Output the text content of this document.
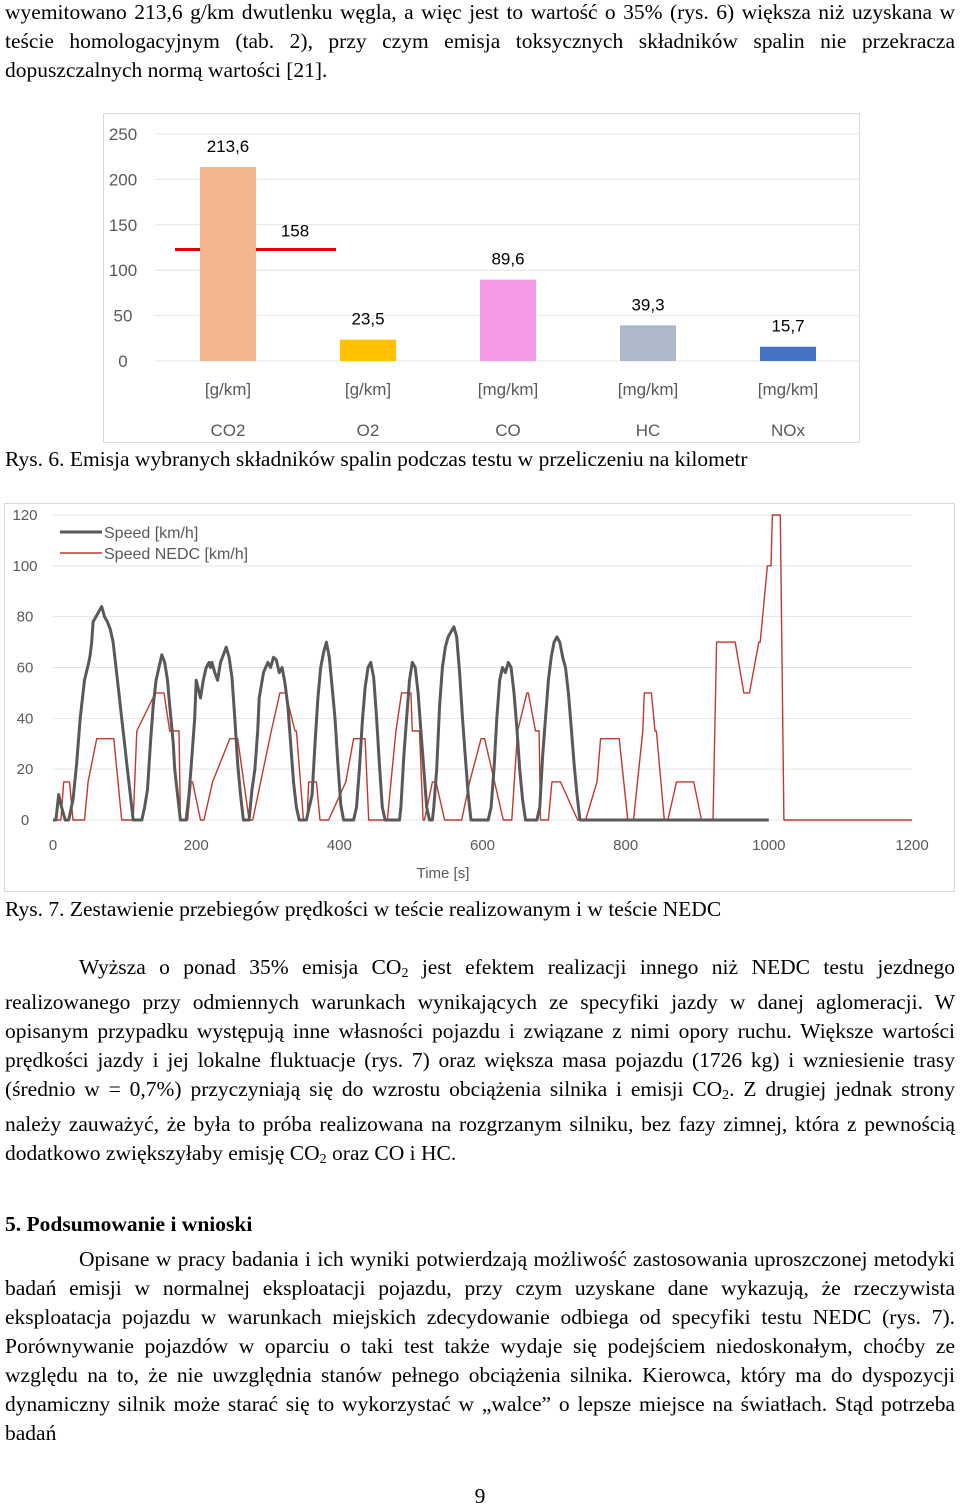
wyemitowano 213,6 g/km dwutlenku węgla, a więc jest to wartość o 35% (rys. 6) większa niż uzyskana w teście homologacyjnym (tab. 2), przy czym emisja toksycznych składników spalin nie przekracza dopuszczalnych normą wartości [21].

0
50
100
150
200
250
158
213,6
23,5
89,6
39,3
15,7
[g/km]
CO2
[g/km]
O2
[mg/km]
CO
[mg/km]
HC
[mg/km]
NOx

Rys. 6. Emisja wybranych składników spalin podczas testu w przeliczeniu na kilometr

0
20
40
60
80
100
120
0	200	400	600	800	1000	1200
Speed [km/h]
Speed NEDC [km/h]
Time [s]

Rys. 7. Zestawienie przebiegów prędkości w teście realizowanym i w teście NEDC

Wyższa o ponad 35% emisja $CO_2$ jest efektem realizacji innego niż NEDC testu jezdnego realizowanego przy odmiennych warunkach wynikających ze specyfiki jazdy w danej aglomeracji. W opisanym przypadku występują inne własności pojazdu i związane z nimi opory ruchu. Większe wartości prędkości jazdy i jej lokalne fluktuacje (rys. 7) oraz większa masa pojazdu (1726 kg) i wzniesienie trasy (średnio w = 0,7%) przyczyniają się do wzrostu obciążenia silnika i emisji $CO_2$. Z drugiej jednak strony należy zauważyć, że była to próba realizowana na rozgrzanym silniku, bez fazy zimnej, która z pewnością dodatkowo zwiększyłaby emisję $CO_2$ oraz CO i HC.

5. Podsumowanie i wnioski

Opisane w pracy badania i ich wyniki potwierdzają możliwość zastosowania uproszczonej metodyki badań emisji w normalnej eksploatacji pojazdu, przy czym uzyskane dane wykazują, że rzeczywista eksploatacja pojazdu w warunkach miejskich zdecydowanie odbiega od specyfiki testu NEDC (rys. 7). Porównywanie pojazdów w oparciu o taki test także wydaje się podejściem niedoskonałym, choćby ze względu na to, że nie uwzględnia stanów pełnego obciążenia silnika. Kierowca, który ma do dyspozycji dynamiczny silnik może starać się to wykorzystać w „walce” o lepsze miejsce na światłach. Stąd potrzeba badań

9
